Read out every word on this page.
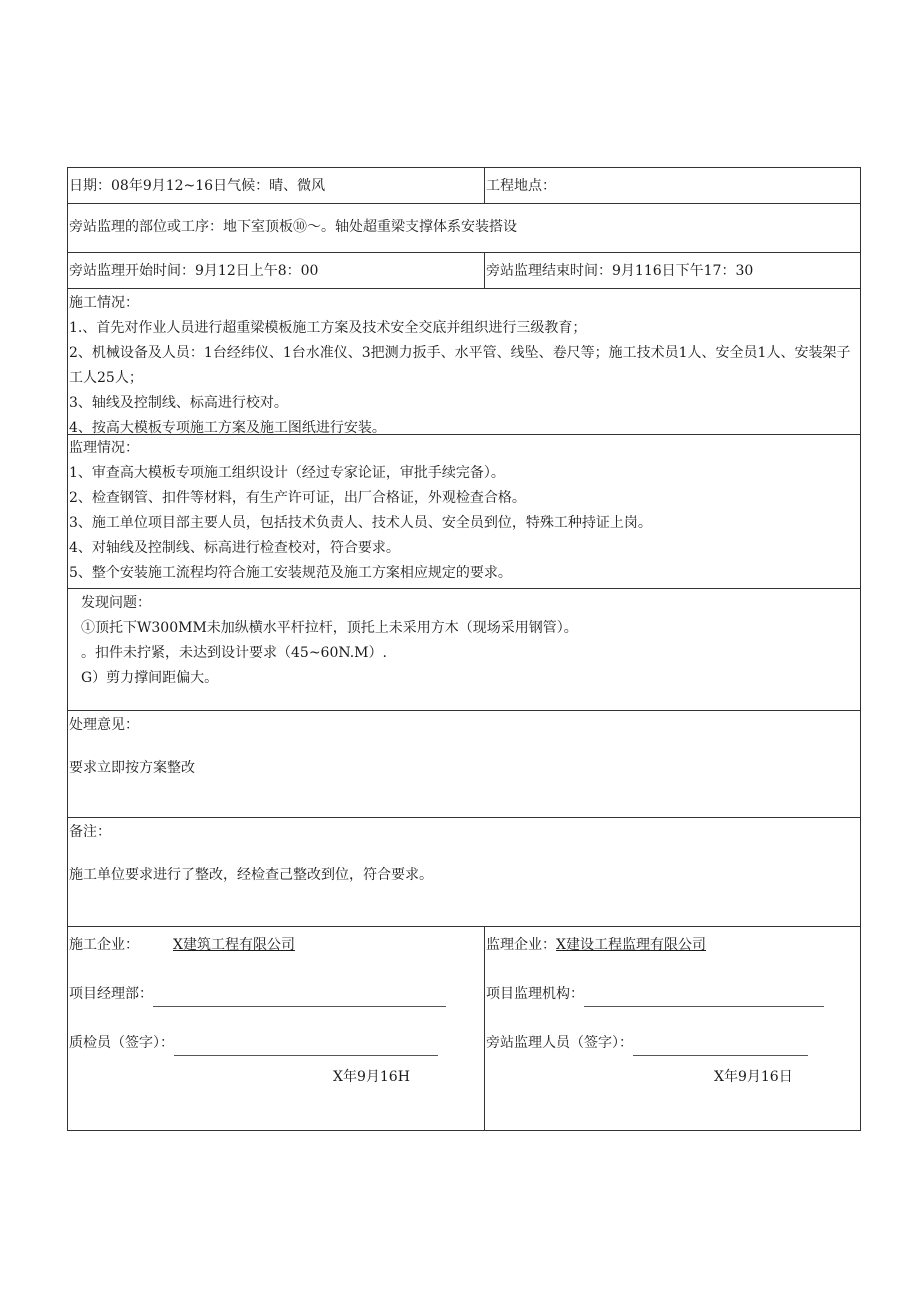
日期：08年9月12~16日气候：晴、微风	工程地点：
旁站监理的部位或工序：地下室顶板⑩～。轴处超重梁支撑体系安装搭设
旁站监理开始时间：9月12日上午8：00	旁站监理结束时间：9月116日下午17：30
施工情况：
1.、首先对作业人员进行超重梁模板施工方案及技术安全交底并组织进行三级教育；
2、机械设备及人员：1台经纬仪、1台水准仪、3把测力扳手、水平管、线坠、卷尺等；施工技术员1人、安全员1人、安装架子工人25人；
3、轴线及控制线、标高进行校对。
4、按高大模板专项施工方案及施工图纸进行安装。
监理情况：
1、审查高大模板专项施工组织设计（经过专家论证，审批手续完备）。
2、检查钢管、扣件等材料，有生产许可证，出厂合格证，外观检查合格。
3、施工单位项目部主要人员，包括技术负责人、技术人员、安全员到位，特殊工种持证上岗。
4、对轴线及控制线、标高进行检查校对，符合要求。
5、整个安装施工流程均符合施工安装规范及施工方案相应规定的要求。
发现问题：
①顶托下W300MM未加纵横水平杆拉杆，顶托上未采用方木（现场采用钢管）。
。扣件未拧紧，未达到设计要求（45~60N.M）.
G）剪力撑间距偏大。
处理意见：
要求立即按方案整改
备注：
施工单位要求进行了整改，经检查己整改到位，符合要求。
施工企业： X建筑工程有限公司
项目经理部：
质检员（签字）：
X年9月16H
监理企业：X建设工程监理有限公司
项目监理机构：
旁站监理人员（签字）：
X年9月16日
